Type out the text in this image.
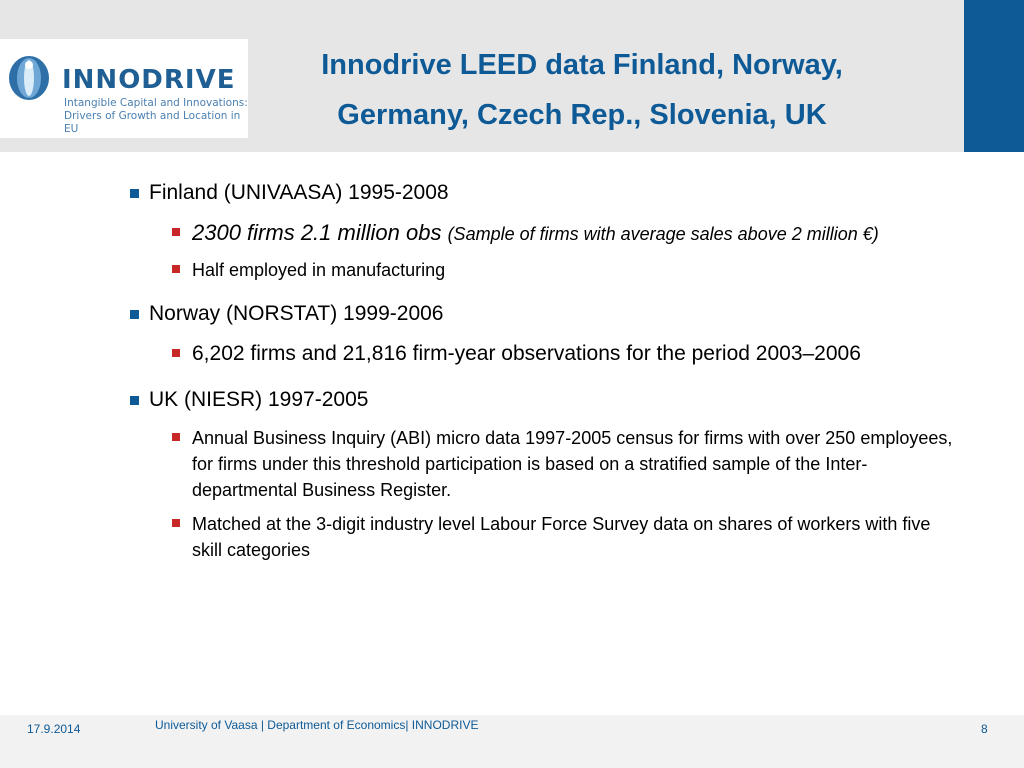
INNODRIVE
Intangible Capital and Innovations:
Drivers of Growth and Location in EU
Innodrive LEED data Finland, Norway,
Germany, Czech Rep., Slovenia, UK
Finland (UNIVAASA) 1995-2008
2300 firms 2.1 million obs (Sample of firms with average sales above 2 million €)
Half employed in manufacturing
Norway (NORSTAT) 1999-2006
6,202 firms and 21,816 firm-year observations for the period 2003–2006
UK (NIESR) 1997-2005
Annual Business Inquiry (ABI) micro data 1997-2005 census for firms with over 250 employees, for firms under this threshold participation is based on a stratified sample of the Inter-departmental Business Register.
Matched at the 3-digit industry level Labour Force Survey data on shares of workers with five skill categories
17.9.2014	University of Vaasa | Department of Economics| INNODRIVE	8
